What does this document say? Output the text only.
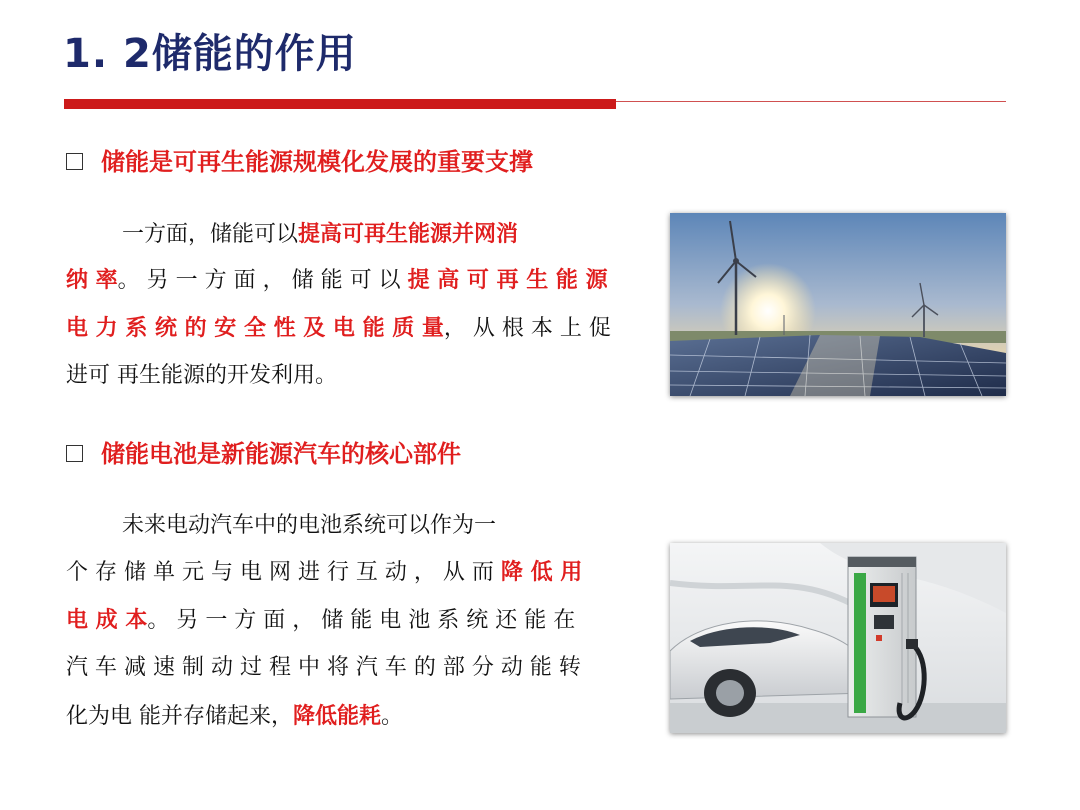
1. 2储能的作用
储能是可再生能源规模化发展的重要支撑
一方面，储能可以提高可再生能源并网消
纳 率。 另 一 方 面 ， 储 能 可 以 提 高 可 再 生 能 源
电 力 系 统 的 安 全 性 及 电 能 质 量， 从 根 本 上 促
进可 再生能源的开发利用。
储能电池是新能源汽车的核心部件
未来电动汽车中的电池系统可以作为一
个 存 储 单 元 与 电 网 进 行 互 动 ， 从 而 降 低 用
电 成 本。 另 一 方 面 ， 储 能 电 池 系 统 还 能 在
汽 车 减 速 制 动 过 程 中 将 汽 车 的 部 分 动 能 转
化为电 能并存储起来，降低能耗。
